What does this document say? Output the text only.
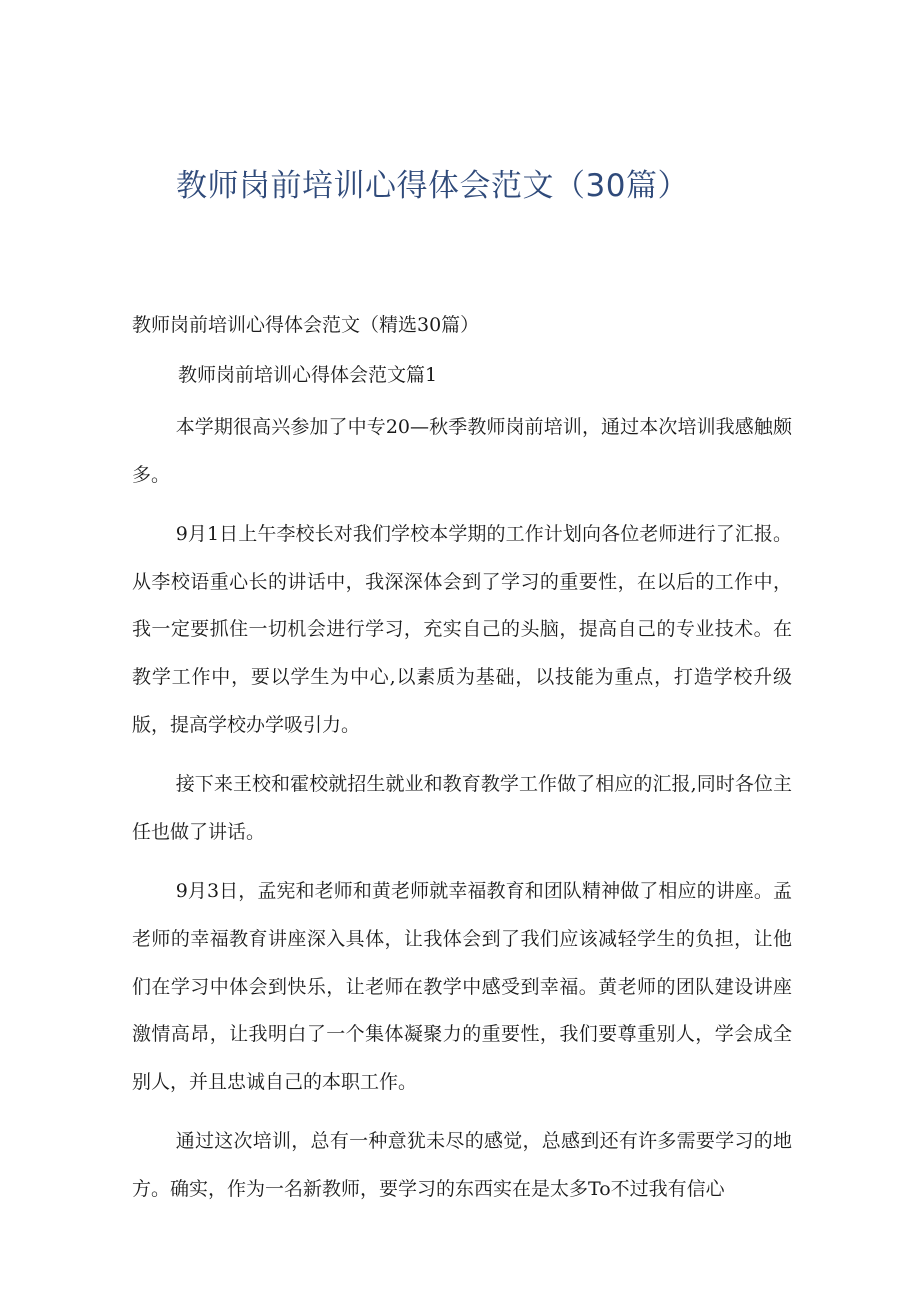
教师岗前培训心得体会范文（30篇）

教师岗前培训心得体会范文（精选30篇）

教师岗前培训心得体会范文篇1

本学期很高兴参加了中专20—秋季教师岗前培训，通过本次培训我感触颇多。

9月1日上午李校长对我们学校本学期的工作计划向各位老师进行了汇报。从李校语重心长的讲话中，我深深体会到了学习的重要性，在以后的工作中，我一定要抓住一切机会进行学习，充实自己的头脑，提高自己的专业技术。在教学工作中，要以学生为中心,以素质为基础，以技能为重点，打造学校升级版，提高学校办学吸引力。

接下来王校和霍校就招生就业和教育教学工作做了相应的汇报,同时各位主任也做了讲话。

9月3日，孟宪和老师和黄老师就幸福教育和团队精神做了相应的讲座。孟老师的幸福教育讲座深入具体，让我体会到了我们应该减轻学生的负担，让他们在学习中体会到快乐，让老师在教学中感受到幸福。黄老师的团队建设讲座激情高昂，让我明白了一个集体凝聚力的重要性，我们要尊重别人，学会成全别人，并且忠诚自己的本职工作。

通过这次培训，总有一种意犹未尽的感觉，总感到还有许多需要学习的地方。确实，作为一名新教师，要学习的东西实在是太多To不过我有信心
